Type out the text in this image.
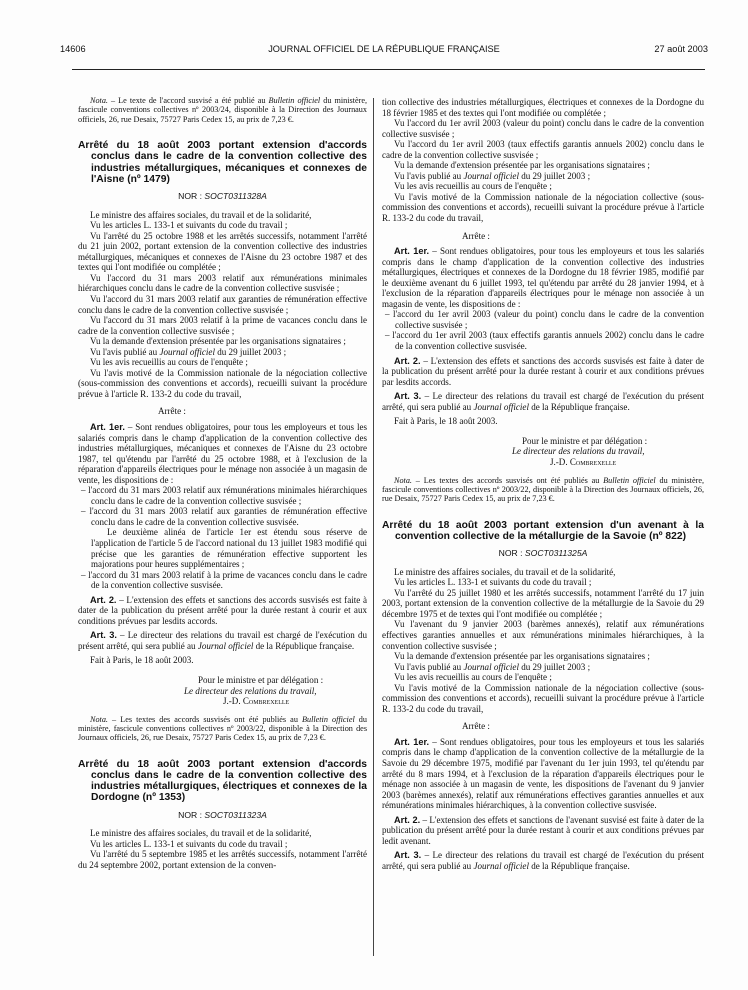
14606	JOURNAL OFFICIEL DE LA RÉPUBLIQUE FRANÇAISE	27 août 2003

Nota. – Le texte de l'accord susvisé a été publié au Bulletin officiel du ministère, fascicule conventions collectives nº 2003/24, disponible à la Direction des Journaux officiels, 26, rue Desaix, 75727 Paris Cedex 15, au prix de 7,23 €.

Arrêté du 18 août 2003 portant extension d'accords conclus dans le cadre de la convention collective des industries métallurgiques, mécaniques et connexes de l'Aisne (nº 1479)

NOR : SOCT0311328A

Le ministre des affaires sociales, du travail et de la solidarité,

Vu les articles L. 133-1 et suivants du code du travail ;

Vu l'arrêté du 25 octobre 1988 et les arrêtés successifs, notamment l'arrêté du 21 juin 2002, portant extension de la convention collective des industries métallurgiques, mécaniques et connexes de l'Aisne du 23 octobre 1987 et des textes qui l'ont modifiée ou complétée ;

Vu l'accord du 31 mars 2003 relatif aux rémunérations minimales hiérarchiques conclu dans le cadre de la convention collective susvisée ;

Vu l'accord du 31 mars 2003 relatif aux garanties de rémunération effective conclu dans le cadre de la convention collective susvisée ;

Vu l'accord du 31 mars 2003 relatif à la prime de vacances conclu dans le cadre de la convention collective susvisée ;

Vu la demande d'extension présentée par les organisations signataires ;

Vu l'avis publié au Journal officiel du 29 juillet 2003 ;

Vu les avis recueillis au cours de l'enquête ;

Vu l'avis motivé de la Commission nationale de la négociation collective (sous-commission des conventions et accords), recueilli suivant la procédure prévue à l'article R. 133-2 du code du travail,

Arrête :

Art. 1er. – Sont rendues obligatoires, pour tous les employeurs et tous les salariés compris dans le champ d'application de la convention collective des industries métallurgiques, mécaniques et connexes de l'Aisne du 23 octobre 1987, tel qu'étendu par l'arrêté du 25 octobre 1988, et à l'exclusion de la réparation d'appareils électriques pour le ménage non associée à un magasin de vente, les dispositions de :

– l'accord du 31 mars 2003 relatif aux rémunérations minimales hiérarchiques conclu dans le cadre de la convention collective susvisée ;

– l'accord du 31 mars 2003 relatif aux garanties de rémunération effective conclu dans le cadre de la convention collective susvisée.

Le deuxième alinéa de l'article 1er est étendu sous réserve de l'application de l'article 5 de l'accord national du 13 juillet 1983 modifié qui précise que les garanties de rémunération effective supportent les majorations pour heures supplémentaires ;

– l'accord du 31 mars 2003 relatif à la prime de vacances conclu dans le cadre de la convention collective susvisée.

Art. 2. – L'extension des effets et sanctions des accords susvisés est faite à dater de la publication du présent arrêté pour la durée restant à courir et aux conditions prévues par lesdits accords.

Art. 3. – Le directeur des relations du travail est chargé de l'exécution du présent arrêté, qui sera publié au Journal officiel de la République française.

Fait à Paris, le 18 août 2003.

Pour le ministre et par délégation :

Le directeur des relations du travail,

J.-D. Combrexelle

Nota. – Les textes des accords susvisés ont été publiés au Bulletin officiel du ministère, fascicule conventions collectives nº 2003/22, disponible à la Direction des Journaux officiels, 26, rue Desaix, 75727 Paris Cedex 15, au prix de 7,23 €.

Arrêté du 18 août 2003 portant extension d'accords conclus dans le cadre de la convention collective des industries métallurgiques, électriques et connexes de la Dordogne (nº 1353)

NOR : SOCT0311323A

Le ministre des affaires sociales, du travail et de la solidarité,

Vu les articles L. 133-1 et suivants du code du travail ;

Vu l'arrêté du 5 septembre 1985 et les arrêtés successifs, notamment l'arrêté du 24 septembre 2002, portant extension de la conven-

tion collective des industries métallurgiques, électriques et connexes de la Dordogne du 18 février 1985 et des textes qui l'ont modifiée ou complétée ;

Vu l'accord du 1er avril 2003 (valeur du point) conclu dans le cadre de la convention collective susvisée ;

Vu l'accord du 1er avril 2003 (taux effectifs garantis annuels 2002) conclu dans le cadre de la convention collective susvisée ;

Vu la demande d'extension présentée par les organisations signataires ;

Vu l'avis publié au Journal officiel du 29 juillet 2003 ;

Vu les avis recueillis au cours de l'enquête ;

Vu l'avis motivé de la Commission nationale de la négociation collective (sous-commission des conventions et accords), recueilli suivant la procédure prévue à l'article R. 133-2 du code du travail,

Arrête :

Art. 1er. – Sont rendues obligatoires, pour tous les employeurs et tous les salariés compris dans le champ d'application de la convention collective des industries métallurgiques, électriques et connexes de la Dordogne du 18 février 1985, modifié par le deuxième avenant du 6 juillet 1993, tel qu'étendu par arrêté du 28 janvier 1994, et à l'exclusion de la réparation d'appareils électriques pour le ménage non associée à un magasin de vente, les dispositions de :

– l'accord du 1er avril 2003 (valeur du point) conclu dans le cadre de la convention collective susvisée ;

– l'accord du 1er avril 2003 (taux effectifs garantis annuels 2002) conclu dans le cadre de la convention collective susvisée.

Art. 2. – L'extension des effets et sanctions des accords susvisés est faite à dater de la publication du présent arrêté pour la durée restant à courir et aux conditions prévues par lesdits accords.

Art. 3. – Le directeur des relations du travail est chargé de l'exécution du présent arrêté, qui sera publié au Journal officiel de la République française.

Fait à Paris, le 18 août 2003.

Pour le ministre et par délégation :

Le directeur des relations du travail,

J.-D. Combrexelle

Nota. – Les textes des accords susvisés ont été publiés au Bulletin officiel du ministère, fascicule conventions collectives nº 2003/22, disponible à la Direction des Journaux officiels, 26, rue Desaix, 75727 Paris Cedex 15, au prix de 7,23 €.

Arrêté du 18 août 2003 portant extension d'un avenant à la convention collective de la métallurgie de la Savoie (nº 822)

NOR : SOCT0311325A

Le ministre des affaires sociales, du travail et de la solidarité,

Vu les articles L. 133-1 et suivants du code du travail ;

Vu l'arrêté du 25 juillet 1980 et les arrêtés successifs, notamment l'arrêté du 17 juin 2003, portant extension de la convention collective de la métallurgie de la Savoie du 29 décembre 1975 et de textes qui l'ont modifiée ou complétée ;

Vu l'avenant du 9 janvier 2003 (barèmes annexés), relatif aux rémunérations effectives garanties annuelles et aux rémunérations minimales hiérarchiques, à la convention collective susvisée ;

Vu la demande d'extension présentée par les organisations signataires ;

Vu l'avis publié au Journal officiel du 29 juillet 2003 ;

Vu les avis recueillis au cours de l'enquête ;

Vu l'avis motivé de la Commission nationale de la négociation collective (sous-commission des conventions et accords), recueilli suivant la procédure prévue à l'article R. 133-2 du code du travail,

Arrête :

Art. 1er. – Sont rendues obligatoires, pour tous les employeurs et tous les salariés compris dans le champ d'application de la convention collective de la métallurgie de la Savoie du 29 décembre 1975, modifié par l'avenant du 1er juin 1993, tel qu'étendu par arrêté du 8 mars 1994, et à l'exclusion de la réparation d'appareils électriques pour le ménage non associée à un magasin de vente, les dispositions de l'avenant du 9 janvier 2003 (barèmes annexés), relatif aux rémunérations effectives garanties annuelles et aux rémunérations minimales hiérarchiques, à la convention collective susvisée.

Art. 2. – L'extension des effets et sanctions de l'avenant susvisé est faite à dater de la publication du présent arrêté pour la durée restant à courir et aux conditions prévues par ledit avenant.

Art. 3. – Le directeur des relations du travail est chargé de l'exécution du présent arrêté, qui sera publié au Journal officiel de la République française.
